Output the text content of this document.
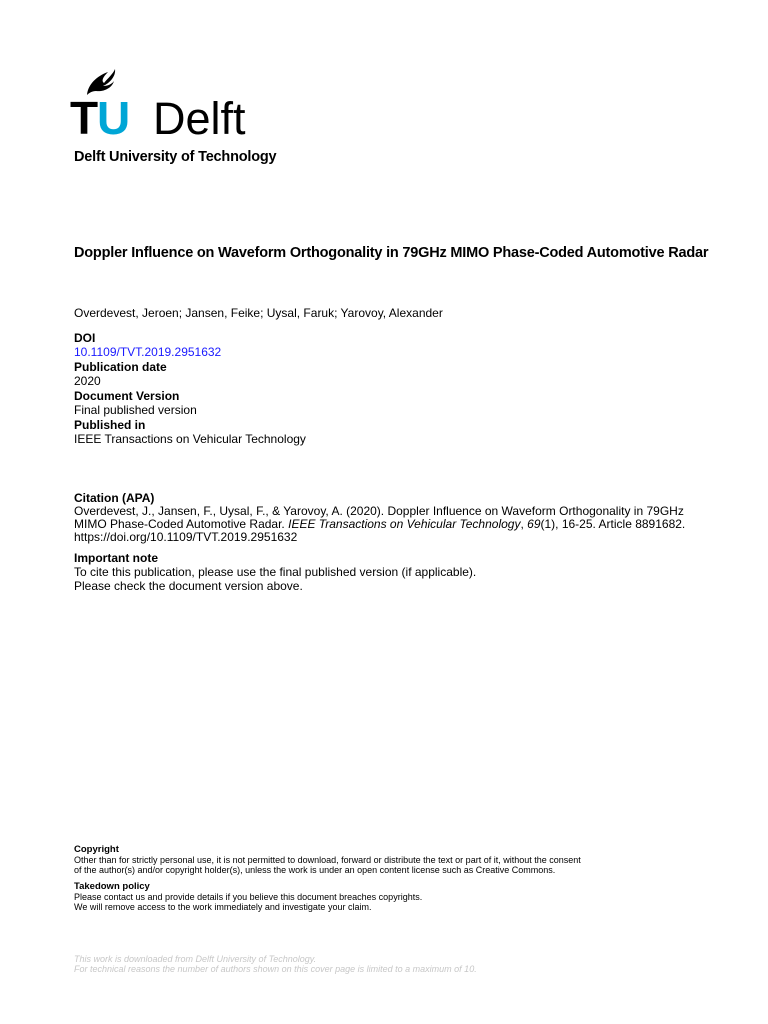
T
U Delft
Delft University of Technology
Doppler Influence on Waveform Orthogonality in 79GHz MIMO Phase-Coded Automotive Radar
Overdevest, Jeroen; Jansen, Feike; Uysal, Faruk; Yarovoy, Alexander
DOI
10.1109/TVT.2019.2951632
Publication date
2020
Document Version
Final published version
Published in
IEEE Transactions on Vehicular Technology
Citation (APA)
Overdevest, J., Jansen, F., Uysal, F., & Yarovoy, A. (2020). Doppler Influence on Waveform Orthogonality in 79GHz MIMO Phase-Coded Automotive Radar. IEEE Transactions on Vehicular Technology, 69(1), 16-25. Article 8891682. https://doi.org/10.1109/TVT.2019.2951632
Important note
To cite this publication, please use the final published version (if applicable).
Please check the document version above.
Copyright
Other than for strictly personal use, it is not permitted to download, forward or distribute the text or part of it, without the consent
of the author(s) and/or copyright holder(s), unless the work is under an open content license such as Creative Commons.
Takedown policy
Please contact us and provide details if you believe this document breaches copyrights.
We will remove access to the work immediately and investigate your claim.
This work is downloaded from Delft University of Technology.
For technical reasons the number of authors shown on this cover page is limited to a maximum of 10.
